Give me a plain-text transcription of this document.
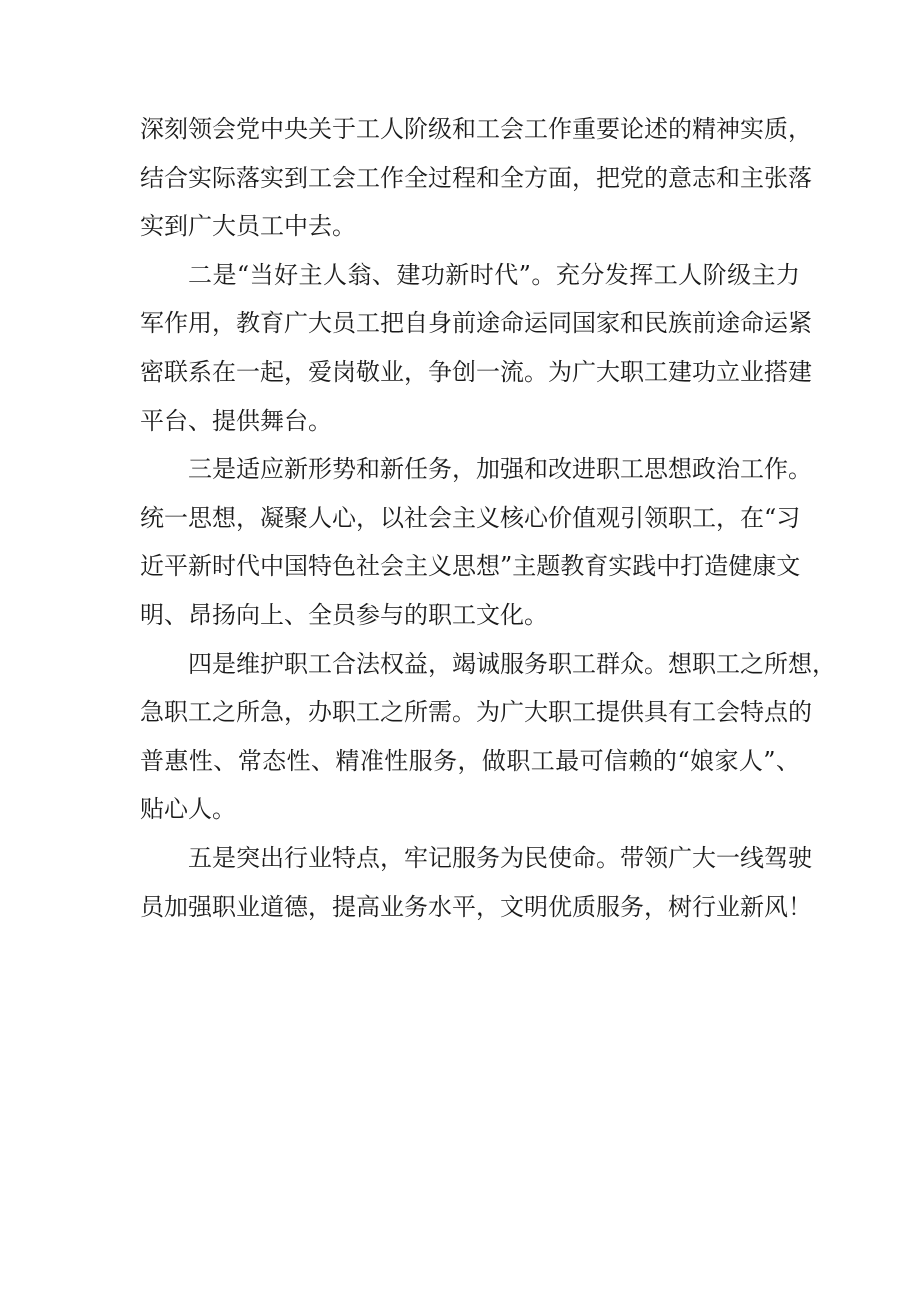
深刻领会党中央关于工人阶级和工会工作重要论述的精神实质，
结合实际落实到工会工作全过程和全方面，把党的意志和主张落
实到广大员工中去。
二是“当好主人翁、建功新时代”。充分发挥工人阶级主力
军作用，教育广大员工把自身前途命运同国家和民族前途命运紧
密联系在一起，爱岗敬业，争创一流。为广大职工建功立业搭建
平台、提供舞台。
三是适应新形势和新任务，加强和改进职工思想政治工作。
统一思想，凝聚人心，以社会主义核心价值观引领职工，在“习
近平新时代中国特色社会主义思想”主题教育实践中打造健康文
明、昂扬向上、全员参与的职工文化。
四是维护职工合法权益，竭诚服务职工群众。想职工之所想，
急职工之所急，办职工之所需。为广大职工提供具有工会特点的
普惠性、常态性、精准性服务，做职工最可信赖的“娘家人”、
贴心人。
五是突出行业特点，牢记服务为民使命。带领广大一线驾驶
员加强职业道德，提高业务水平，文明优质服务，树行业新风！
